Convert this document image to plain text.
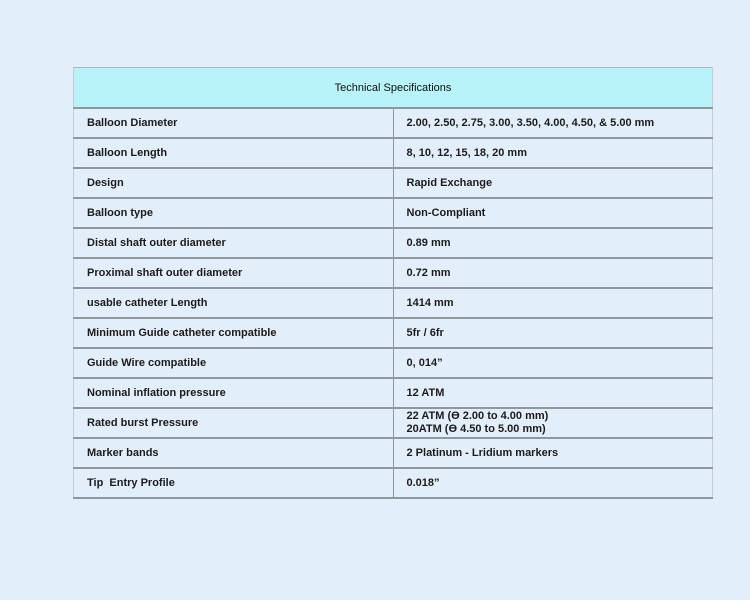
Technical Specifications	
Balloon Diameter	2.00, 2.50, 2.75, 3.00, 3.50, 4.00, 4.50, & 5.00 mm
Balloon Length	8, 10, 12, 15, 18, 20 mm
Design	Rapid Exchange
Balloon type	Non-Compliant
Distal shaft outer diameter	0.89 mm
Proximal shaft outer diameter	0.72 mm
usable catheter Length	1414 mm
Minimum Guide catheter compatible	5fr / 6fr
Guide Wire compatible	0, 014”
Nominal inflation pressure	12 ATM
Rated burst Pressure	22 ATM (ϴ 2.00 to 4.00 mm)
20ATM (ϴ 4.50 to 5.00 mm)

Marker bands	2 Platinum - Lridium markers
Tip  Entry Profile	0.018”
